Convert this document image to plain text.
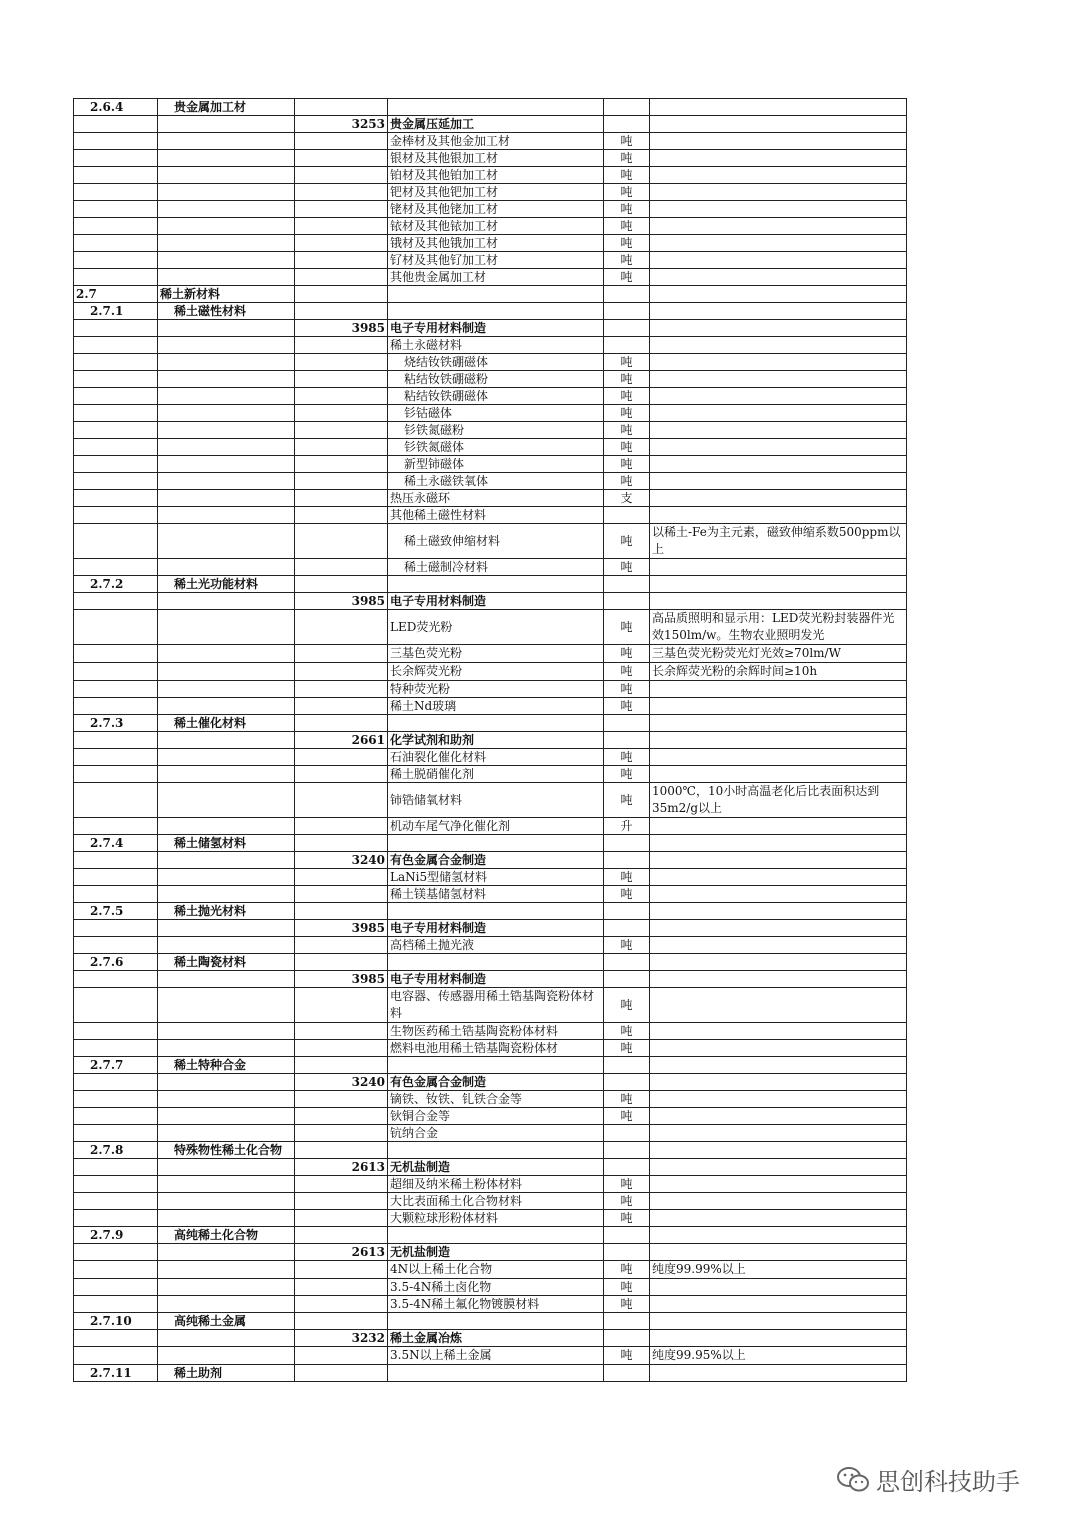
2.6.4	贵金属加工材				
		3253	贵金属压延加工		
			金棒材及其他金加工材	吨	
			银材及其他银加工材	吨	
			铂材及其他铂加工材	吨	
			钯材及其他钯加工材	吨	
			铑材及其他铑加工材	吨	
			铱材及其他铱加工材	吨	
			锇材及其他锇加工材	吨	
			钌材及其他钌加工材	吨	
			其他贵金属加工材	吨	
2.7	稀土新材料				
2.7.1	稀土磁性材料				
		3985	电子专用材料制造		
			稀土永磁材料		
			烧结钕铁硼磁体	吨	
			粘结钕铁硼磁粉	吨	
			粘结钕铁硼磁体	吨	
			钐钴磁体	吨	
			钐铁氮磁粉	吨	
			钐铁氮磁体	吨	
			新型铈磁体	吨	
			稀土永磁铁氧体	吨	
			热压永磁环	支	
			其他稀土磁性材料		
			稀土磁致伸缩材料	吨	以稀土-Fe为主元素，磁致伸缩系数500ppm以上
			稀土磁制冷材料	吨	
2.7.2	稀土光功能材料				
		3985	电子专用材料制造		
			LED荧光粉	吨	高品质照明和显示用：LED荧光粉封装器件光效150lm/w。生物农业照明发光
			三基色荧光粉	吨	三基色荧光粉荧光灯光效≥70lm/W
			长余辉荧光粉	吨	长余辉荧光粉的余辉时间≥10h
			特种荧光粉	吨	
			稀土Nd玻璃	吨	
2.7.3	稀土催化材料				
		2661	化学试剂和助剂		
			石油裂化催化材料	吨	
			稀土脱硝催化剂	吨	
			铈锆储氧材料	吨	1000℃，10小时高温老化后比表面积达到35m2/g以上
			机动车尾气净化催化剂	升	
2.7.4	稀土储氢材料				
		3240	有色金属合金制造		
			LaNi5型储氢材料	吨	
			稀土镁基储氢材料	吨	
2.7.5	稀土抛光材料				
		3985	电子专用材料制造		
			高档稀土抛光液	吨	
2.7.6	稀土陶瓷材料				
		3985	电子专用材料制造		
			电容器、传感器用稀土锆基陶瓷粉体材料	吨	
			生物医药稀土锆基陶瓷粉体材料	吨	
			燃料电池用稀土锆基陶瓷粉体材	吨	
2.7.7	稀土特种合金				
		3240	有色金属合金制造		
			镝铁、钕铁、钆铁合金等	吨	
			钬铜合金等	吨	
			钪纳合金		
2.7.8	特殊物性稀土化合物				
		2613	无机盐制造		
			超细及纳米稀土粉体材料	吨	
			大比表面稀土化合物材料	吨	
			大颗粒球形粉体材料	吨	
2.7.9	高纯稀土化合物				
		2613	无机盐制造		
			4N以上稀土化合物	吨	纯度99.99%以上
			3.5-4N稀土卤化物	吨	
			3.5-4N稀土氟化物镀膜材料	吨	
2.7.10	高纯稀土金属				
		3232	稀土金属冶炼		
			3.5N以上稀土金属	吨	纯度99.95%以上
2.7.11	稀土助剂				
思创科技助手
